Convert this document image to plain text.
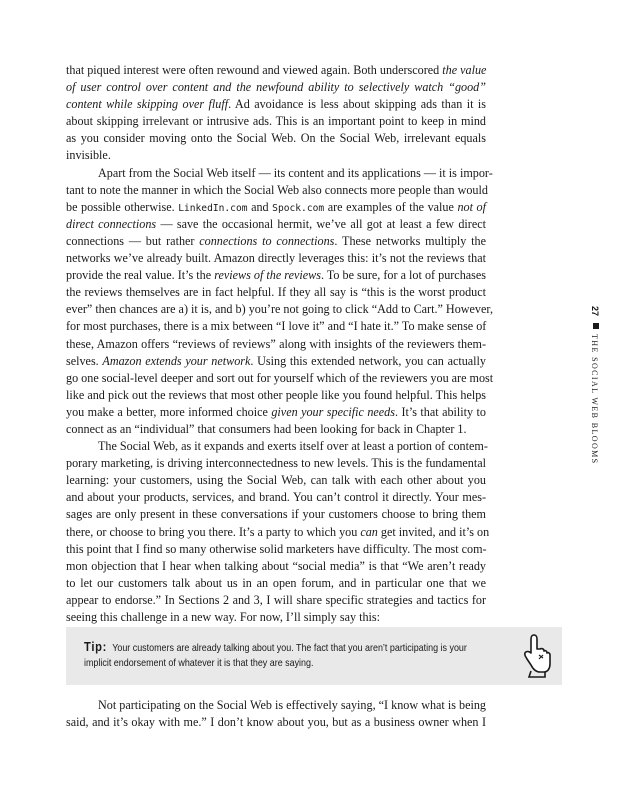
that piqued interest were often rewound and viewed again. Both underscored the value
of user control over content and the newfound ability to selectively watch “good”
content while skipping over fluff. Ad avoidance is less about skipping ads than it is
about skipping irrelevant or intrusive ads. This is an important point to keep in mind
as you consider moving onto the Social Web. On the Social Web, irrelevant equals
invisible.
Apart from the Social Web itself — its content and its applications — it is impor-
tant to note the manner in which the Social Web also connects more people than would
be possible otherwise. LinkedIn.com and Spock.com are examples of the value not of
direct connections — save the occasional hermit, we’ve all got at least a few direct
connections — but rather connections to connections. These networks multiply the
networks we’ve already built. Amazon directly leverages this: it’s not the reviews that
provide the real value. It’s the reviews of the reviews. To be sure, for a lot of purchases
the reviews themselves are in fact helpful. If they all say is “this is the worst product
ever” then chances are a) it is, and b) you’re not going to click “Add to Cart.” However,
for most purchases, there is a mix between “I love it” and “I hate it.” To make sense of
these, Amazon offers “reviews of reviews” along with insights of the reviewers them-
selves. Amazon extends your network. Using this extended network, you can actually
go one social-level deeper and sort out for yourself which of the reviewers you are most
like and pick out the reviews that most other people like you found helpful. This helps
you make a better, more informed choice given your specific needs. It’s that ability to
connect as an “individual” that consumers had been looking for back in Chapter 1.
The Social Web, as it expands and exerts itself over at least a portion of contem-
porary marketing, is driving interconnectedness to new levels. This is the fundamental
learning: your customers, using the Social Web, can talk with each other about you
and about your products, services, and brand. You can’t control it directly. Your mes-
sages are only present in these conversations if your customers choose to bring them
there, or choose to bring you there. It’s a party to which you can get invited, and it’s on
this point that I find so many otherwise solid marketers have difficulty. The most com-
mon objection that I hear when talking about “social media” is that “We aren’t ready
to let our customers talk about us in an open forum, and in particular one that we
appear to endorse.” In Sections 2 and 3, I will share specific strategies and tactics for
seeing this challenge in a new way. For now, I’ll simply say this:
27
THE SOCIAL WEB BLOOMS
Tip: Your customers are already talking about you. The fact that you aren’t participating is your
implicit endorsement of whatever it is that they are saying.
Not participating on the Social Web is effectively saying, “I know what is being
said, and it’s okay with me.” I don’t know about you, but as a business owner when I
